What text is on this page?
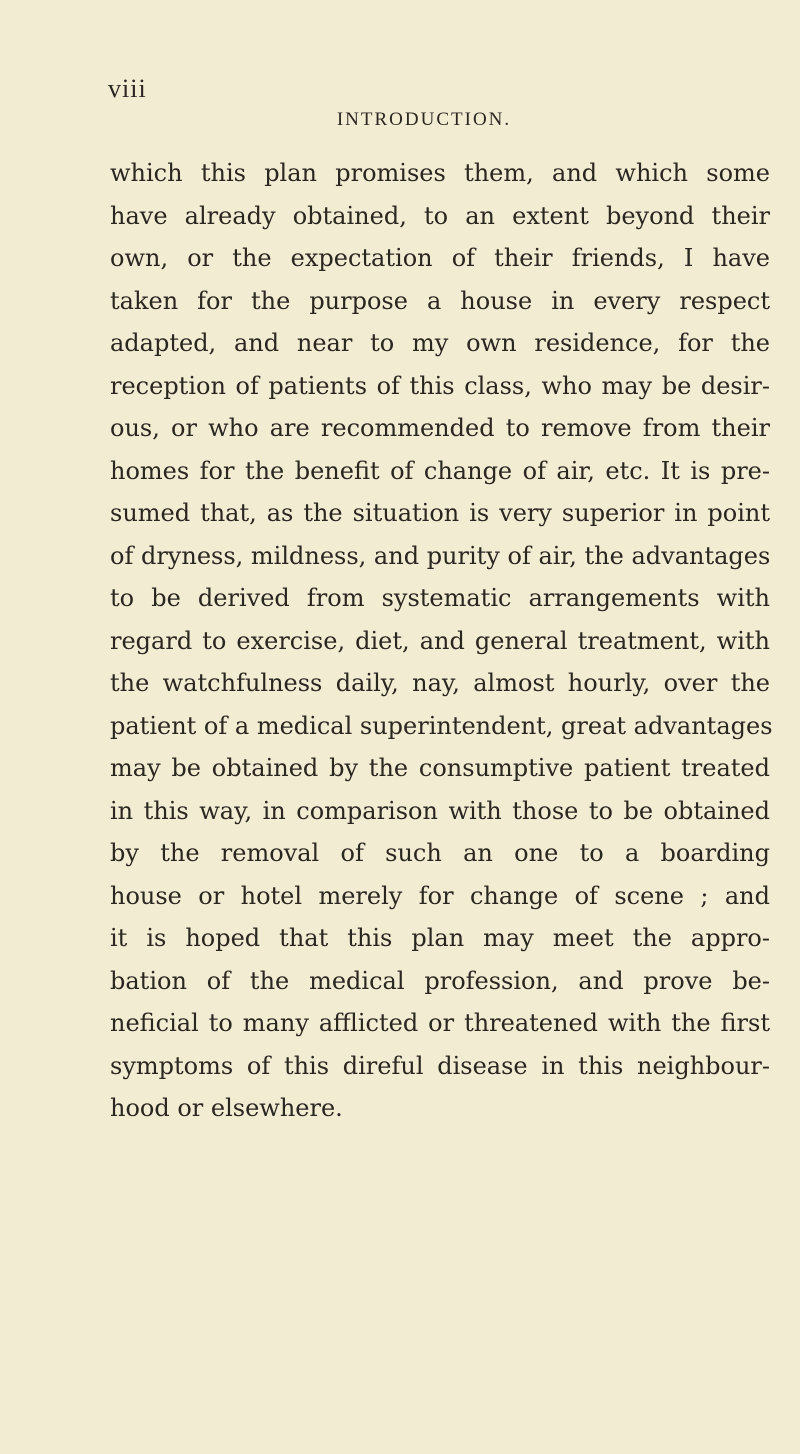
viii
INTRODUCTION.
which this plan promises them, and which some
have already obtained, to an extent beyond their
own, or the expectation of their friends, I have
taken for the purpose a house in every respect
adapted, and near to my own residence, for the
reception of patients of this class, who may be desir-
ous, or who are recommended to remove from their
homes for the benefit of change of air, etc. It is pre-
sumed that, as the situation is very superior in point
of dryness, mildness, and purity of air, the advantages
to be derived from systematic arrangements with
regard to exercise, diet, and general treatment, with
the watchfulness daily, nay, almost hourly, over the
patient of a medical superintendent, great advantages
may be obtained by the consumptive patient treated
in this way, in comparison with those to be obtained
by the removal of such an one to a boarding
house or hotel merely for change of scene ; and
it is hoped that this plan may meet the appro-
bation of the medical profession, and prove be-
neficial to many afflicted or threatened with the first
symptoms of this direful disease in this neighbour-
hood or elsewhere.
